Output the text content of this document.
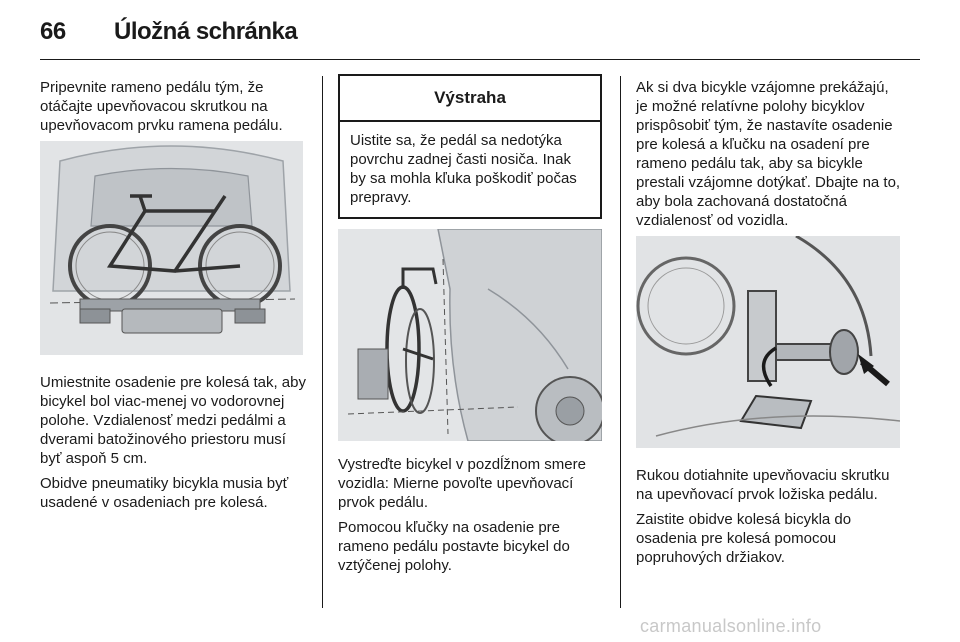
66 Úložná schránka

Pripevnite rameno pedálu tým, že otáčajte upevňovacou skrutkou na upevňovacom prvku ramena pedálu.

Umiestnite osadenie pre kolesá tak, aby bicykel bol viac-menej vo vodorovnej polohe. Vzdialenosť medzi pedálmi a dverami batožinového priestoru musí byť aspoň 5 cm.

Obidve pneumatiky bicykla musia byť usadené v osadeniach pre kolesá.

Výstraha
Uistite sa, že pedál sa nedotýka povrchu zadnej časti nosiča. Inak by sa mohla kľuka poškodiť počas prepravy.

Vystreďte bicykel v pozdĺžnom smere vozidla: Mierne povoľte upevňovací prvok pedálu.

Pomocou kľučky na osadenie pre rameno pedálu postavte bicykel do vztýčenej polohy.

Ak si dva bicykle vzájomne prekážajú, je možné relatívne polohy bicyklov prispôsobiť tým, že nastavíte osadenie pre kolesá a kľučku na osadení pre rameno pedálu tak, aby sa bicykle prestali vzájomne dotýkať. Dbajte na to, aby bola zachovaná dostatočná vzdialenosť od vozidla.

Rukou dotiahnite upevňovaciu skrutku na upevňovací prvok ložiska pedálu.

Zaistite obidve kolesá bicykla do osadenia pre kolesá pomocou popruhových držiakov.

carmanualsonline.info
